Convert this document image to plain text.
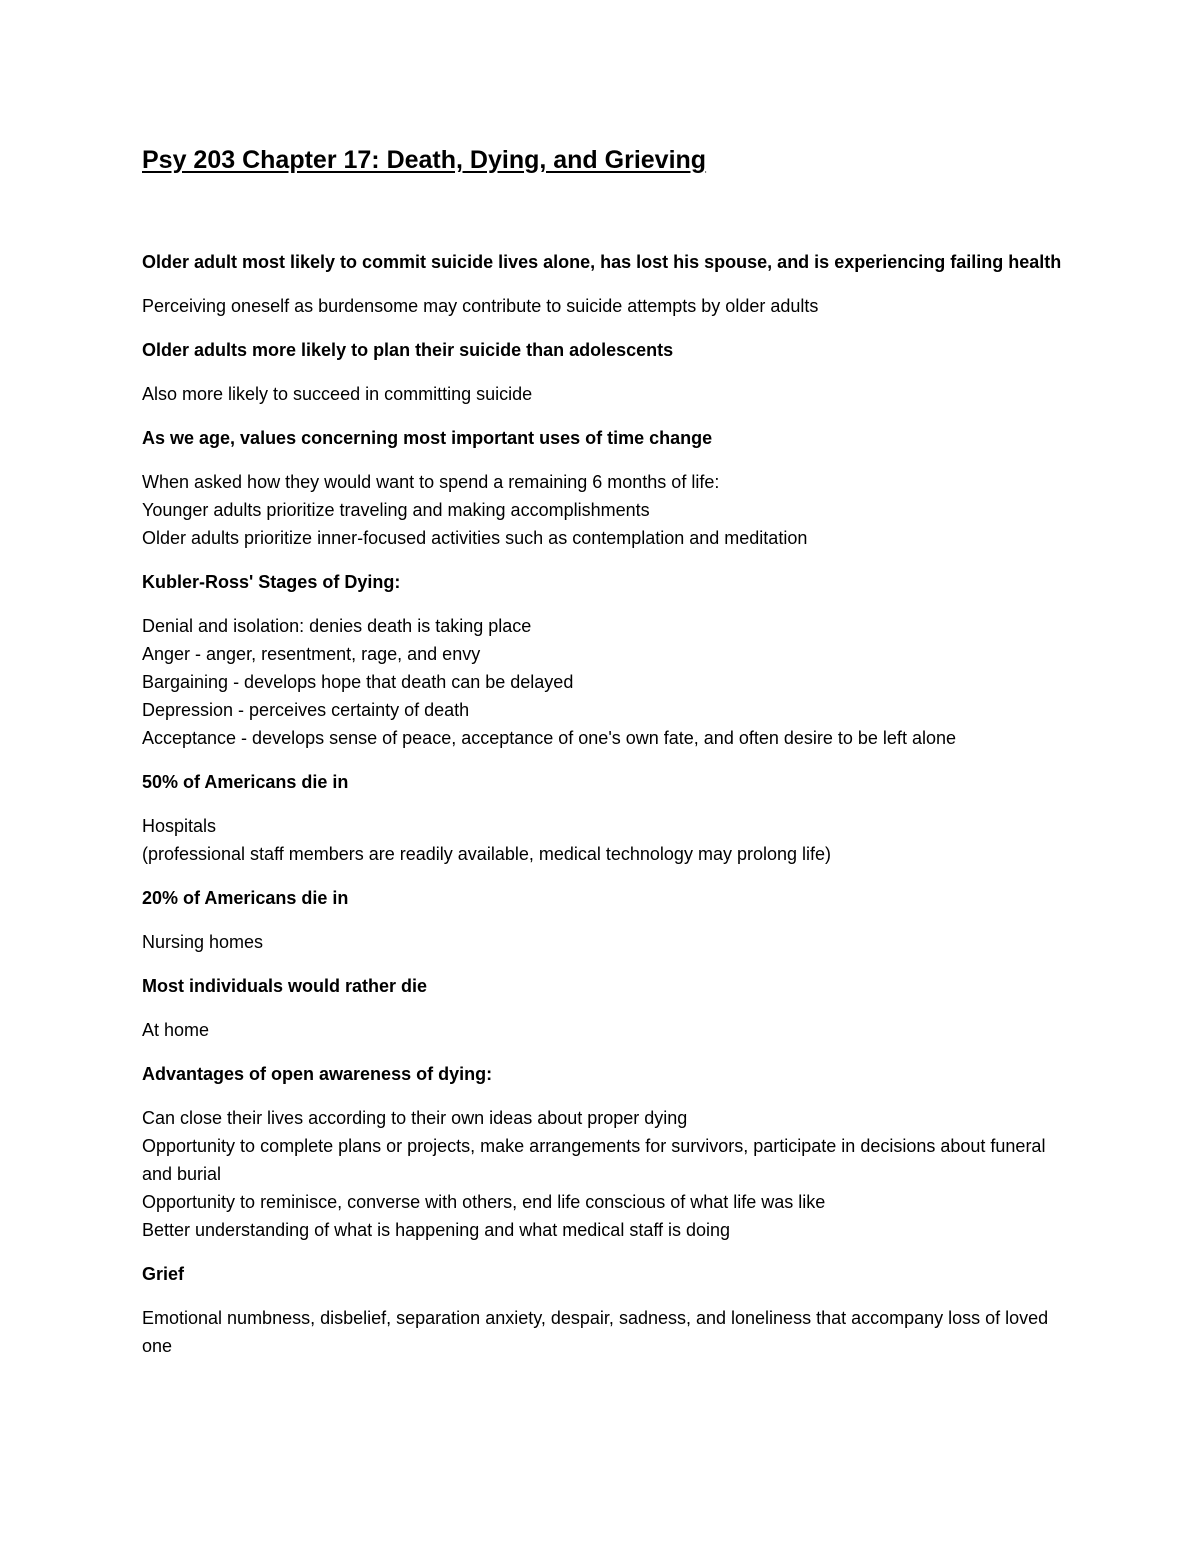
Psy 203 Chapter 17: Death, Dying, and Grieving

Older adult most likely to commit suicide lives alone, has lost his spouse, and is experiencing failing health

Perceiving oneself as burdensome may contribute to suicide attempts by older adults

Older adults more likely to plan their suicide than adolescents

Also more likely to succeed in committing suicide

As we age, values concerning most important uses of time change

When asked how they would want to spend a remaining 6 months of life:
Younger adults prioritize traveling and making accomplishments
Older adults prioritize inner-focused activities such as contemplation and meditation

Kubler-Ross' Stages of Dying:

Denial and isolation: denies death is taking place
Anger - anger, resentment, rage, and envy
Bargaining - develops hope that death can be delayed
Depression - perceives certainty of death
Acceptance - develops sense of peace, acceptance of one's own fate, and often desire to be left alone

50% of Americans die in

Hospitals
(professional staff members are readily available, medical technology may prolong life)

20% of Americans die in

Nursing homes

Most individuals would rather die

At home

Advantages of open awareness of dying:

Can close their lives according to their own ideas about proper dying
Opportunity to complete plans or projects, make arrangements for survivors, participate in decisions about funeral and burial
Opportunity to reminisce, converse with others, end life conscious of what life was like
Better understanding of what is happening and what medical staff is doing

Grief

Emotional numbness, disbelief, separation anxiety, despair, sadness, and loneliness that accompany loss of loved one
